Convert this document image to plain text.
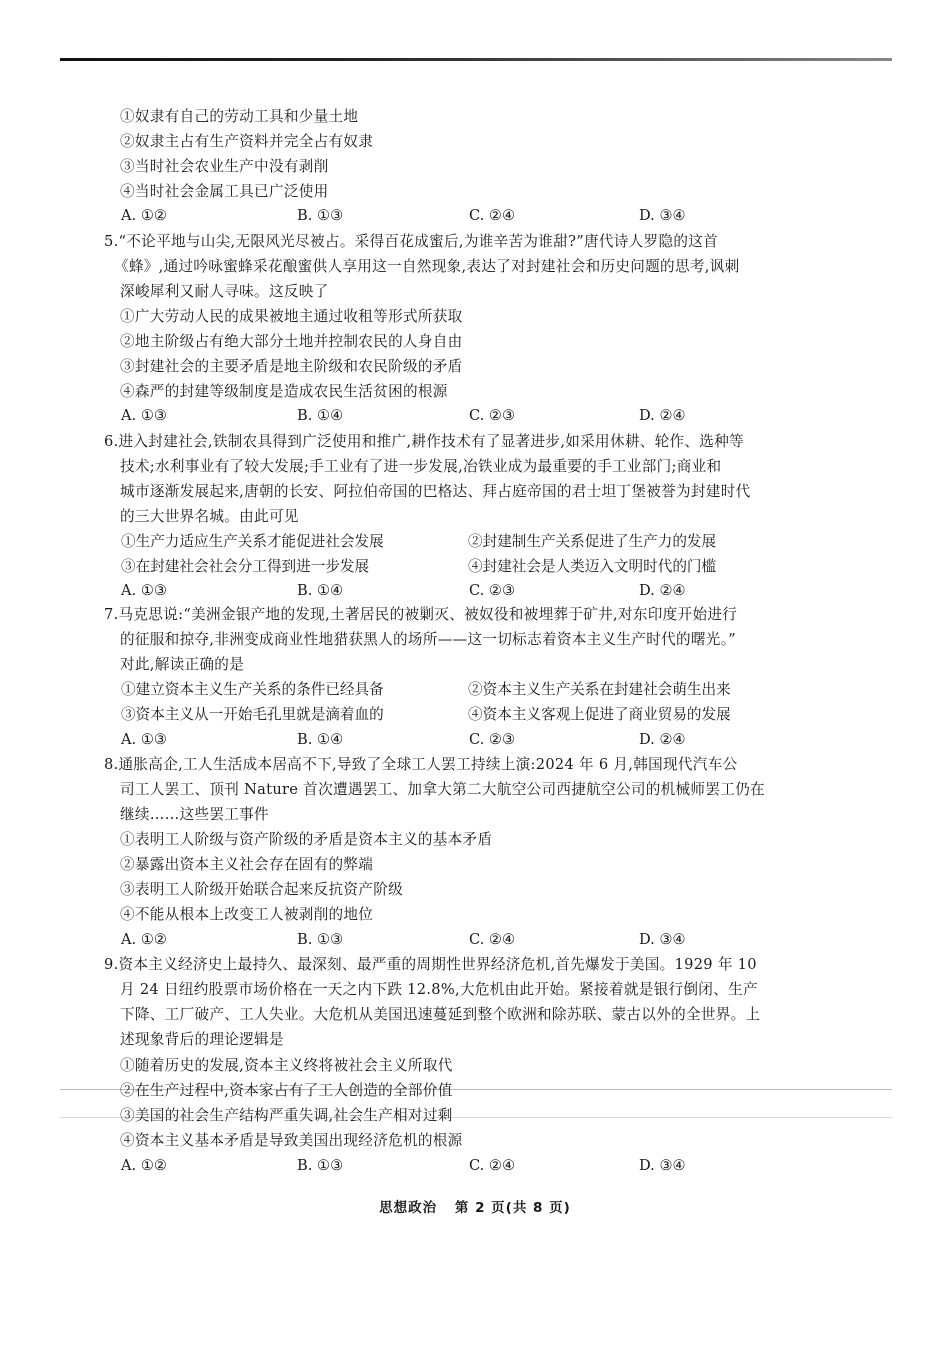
①奴隶有自己的劳动工具和少量土地
②奴隶主占有生产资料并完全占有奴隶
③当时社会农业生产中没有剥削
④当时社会金属工具已广泛使用
A. ①②	B. ①③	C. ②④	D. ③④
5.“不论平地与山尖,无限风光尽被占。采得百花成蜜后,为谁辛苦为谁甜?”唐代诗人罗隐的这首
《蜂》,通过吟咏蜜蜂采花酿蜜供人享用这一自然现象,表达了对封建社会和历史问题的思考,讽刺
深峻犀利又耐人寻味。这反映了
①广大劳动人民的成果被地主通过收租等形式所获取
②地主阶级占有绝大部分土地并控制农民的人身自由
③封建社会的主要矛盾是地主阶级和农民阶级的矛盾
④森严的封建等级制度是造成农民生活贫困的根源
A. ①③	B. ①④	C. ②③	D. ②④
6.进入封建社会,铁制农具得到广泛使用和推广,耕作技术有了显著进步,如采用休耕、轮作、选种等
技术;水利事业有了较大发展;手工业有了进一步发展,冶铁业成为最重要的手工业部门;商业和
城市逐渐发展起来,唐朝的长安、阿拉伯帝国的巴格达、拜占庭帝国的君士坦丁堡被誉为封建时代
的三大世界名城。由此可见
①生产力适应生产关系才能促进社会发展	②封建制生产关系促进了生产力的发展
③在封建社会社会分工得到进一步发展	④封建社会是人类迈入文明时代的门槛
A. ①③	B. ①④	C. ②③	D. ②④
7.马克思说:“美洲金银产地的发现,土著居民的被剿灭、被奴役和被埋葬于矿井,对东印度开始进行
的征服和掠夺,非洲变成商业性地猎获黑人的场所——这一切标志着资本主义生产时代的曙光。”
对此,解读正确的是
①建立资本主义生产关系的条件已经具备	②资本主义生产关系在封建社会萌生出来
③资本主义从一开始毛孔里就是滴着血的	④资本主义客观上促进了商业贸易的发展
A. ①③	B. ①④	C. ②③	D. ②④
8.通胀高企,工人生活成本居高不下,导致了全球工人罢工持续上演:2024 年 6 月,韩国现代汽车公
司工人罢工、顶刊 Nature 首次遭遇罢工、加拿大第二大航空公司西捷航空公司的机械师罢工仍在
继续……这些罢工事件
①表明工人阶级与资产阶级的矛盾是资本主义的基本矛盾
②暴露出资本主义社会存在固有的弊端
③表明工人阶级开始联合起来反抗资产阶级
④不能从根本上改变工人被剥削的地位
A. ①②	B. ①③	C. ②④	D. ③④
9.资本主义经济史上最持久、最深刻、最严重的周期性世界经济危机,首先爆发于美国。1929 年 10
月 24 日纽约股票市场价格在一天之内下跌 12.8%,大危机由此开始。紧接着就是银行倒闭、生产
下降、工厂破产、工人失业。大危机从美国迅速蔓延到整个欧洲和除苏联、蒙古以外的全世界。上
述现象背后的理论逻辑是
①随着历史的发展,资本主义终将被社会主义所取代
②在生产过程中,资本家占有了工人创造的全部价值
③美国的社会生产结构严重失调,社会生产相对过剩
④资本主义基本矛盾是导致美国出现经济危机的根源
A. ①②	B. ①③	C. ②④	D. ③④
思想政治 第 2 页(共 8 页)
